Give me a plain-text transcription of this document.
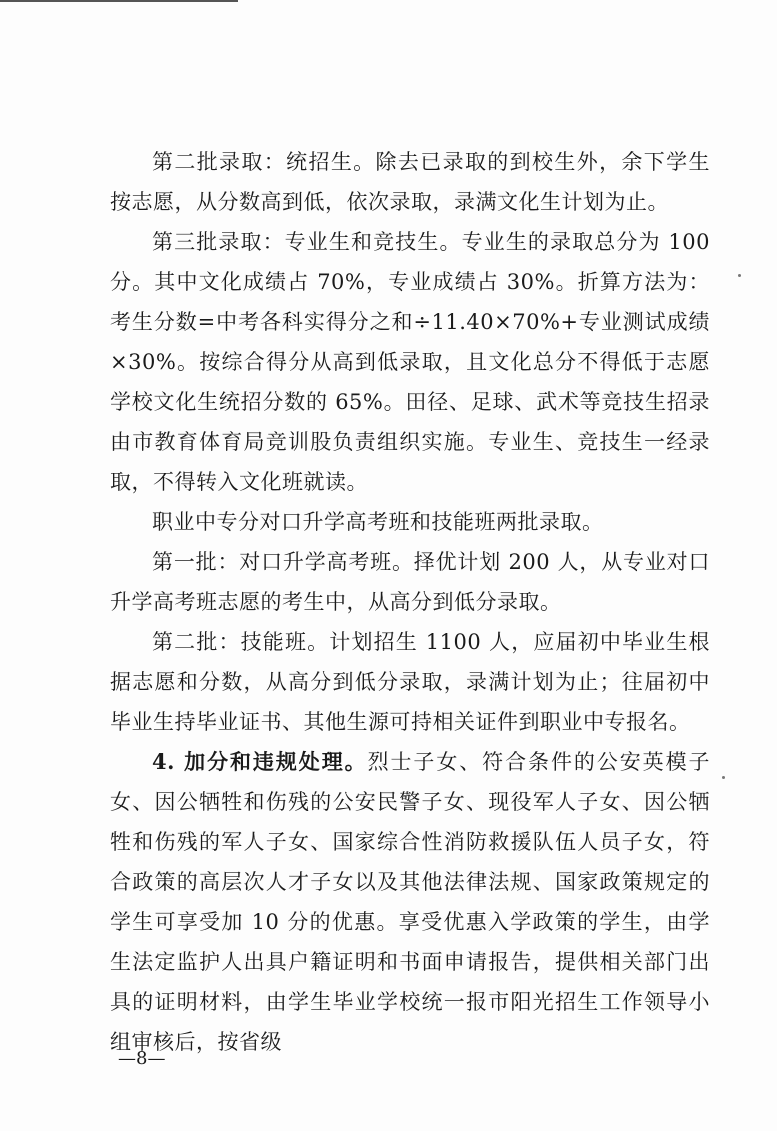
第二批录取：统招生。除去已录取的到校生外，余下学生按志愿，从分数高到低，依次录取，录满文化生计划为止。

第三批录取：专业生和竞技生。专业生的录取总分为 100 分。其中文化成绩占 70%，专业成绩占 30%。折算方法为：考生分数=中考各科实得分之和÷11.40×70%+专业测试成绩×30%。按综合得分从高到低录取，且文化总分不得低于志愿学校文化生统招分数的 65%。田径、足球、武术等竞技生招录由市教育体育局竞训股负责组织实施。专业生、竞技生一经录取，不得转入文化班就读。

职业中专分对口升学高考班和技能班两批录取。

第一批：对口升学高考班。择优计划 200 人，从专业对口升学高考班志愿的考生中，从高分到低分录取。

第二批：技能班。计划招生 1100 人，应届初中毕业生根据志愿和分数，从高分到低分录取，录满计划为止；往届初中毕业生持毕业证书、其他生源可持相关证件到职业中专报名。

4. 加分和违规处理。烈士子女、符合条件的公安英模子女、因公牺牲和伤残的公安民警子女、现役军人子女、因公牺牲和伤残的军人子女、国家综合性消防救援队伍人员子女，符合政策的高层次人才子女以及其他法律法规、国家政策规定的学生可享受加 10 分的优惠。享受优惠入学政策的学生，由学生法定监护人出具户籍证明和书面申请报告，提供相关部门出具的证明材料，由学生毕业学校统一报市阳光招生工作领导小组审核后，按省级

—8—
